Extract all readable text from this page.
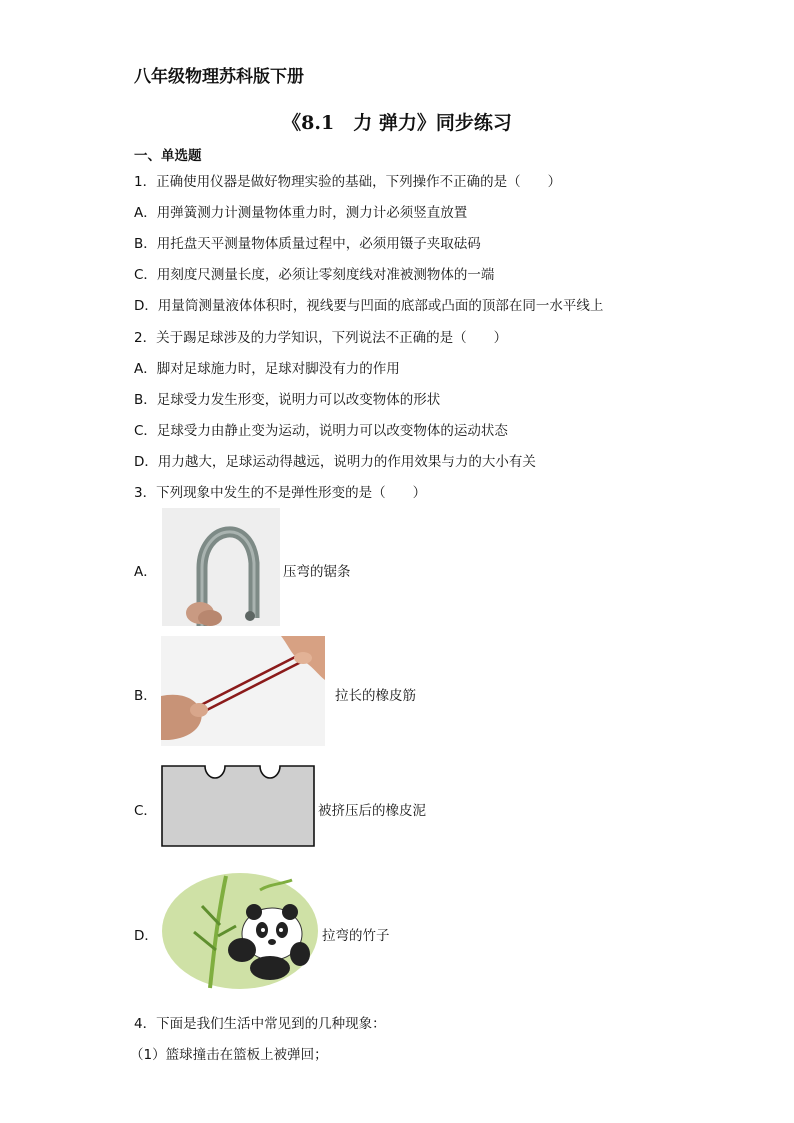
八年级物理苏科版下册
《8.1　力 弹力》同步练习
一、单选题
1．正确使用仪器是做好物理实验的基础，下列操作不正确的是（　　）
A．用弹簧测力计测量物体重力时，测力计必须竖直放置
B．用托盘天平测量物体质量过程中，必须用镊子夹取砝码
C．用刻度尺测量长度，必须让零刻度线对准被测物体的一端
D．用量筒测量液体体积时，视线要与凹面的底部或凸面的顶部在同一水平线上
2．关于踢足球涉及的力学知识，下列说法不正确的是（　　）
A．脚对足球施力时，足球对脚没有力的作用
B．足球受力发生形变，说明力可以改变物体的形状
C．足球受力由静止变为运动，说明力可以改变物体的运动状态
D．用力越大，足球运动得越远，说明力的作用效果与力的大小有关
3．下列现象中发生的不是弹性形变的是（　　）
A．	压弯的锯条
B．	拉长的橡皮筋
C．	被挤压后的橡皮泥
D．	拉弯的竹子
4．下面是我们生活中常见到的几种现象：
（1）篮球撞击在篮板上被弹回；
